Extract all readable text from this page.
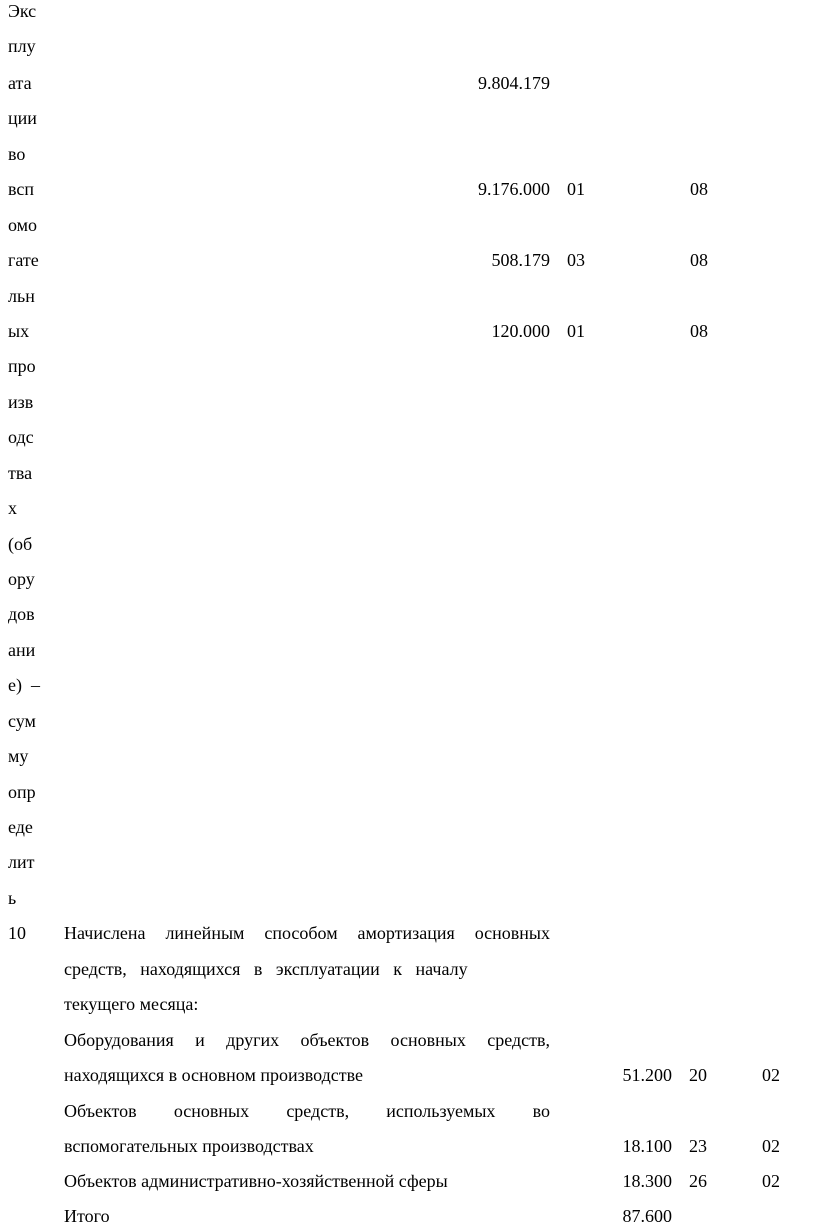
Экс
плу
ата
ции
во
всп
омо
гате
льн
ых
про
изв
одс
тва
х
(об
ору
дов
ани
е)  –
сум
му
опр
еде
лит
ь
9.804.179
9.176.000 01	08
508.179 03	08
120.000 01	08
10 Начислена линейным способом амортизация основных
средств,   находящихся   в   эксплуатации   к   началу
текущего месяца:
Оборудования и других объектов основных средств,
находящихся в основном производстве	51.200 20	02
Объектов основных средств, используемых во
вспомогательных производствах	18.100 23	02
Объектов административно-хозяйственной сферы	18.300 26	02
Итого	87.600
